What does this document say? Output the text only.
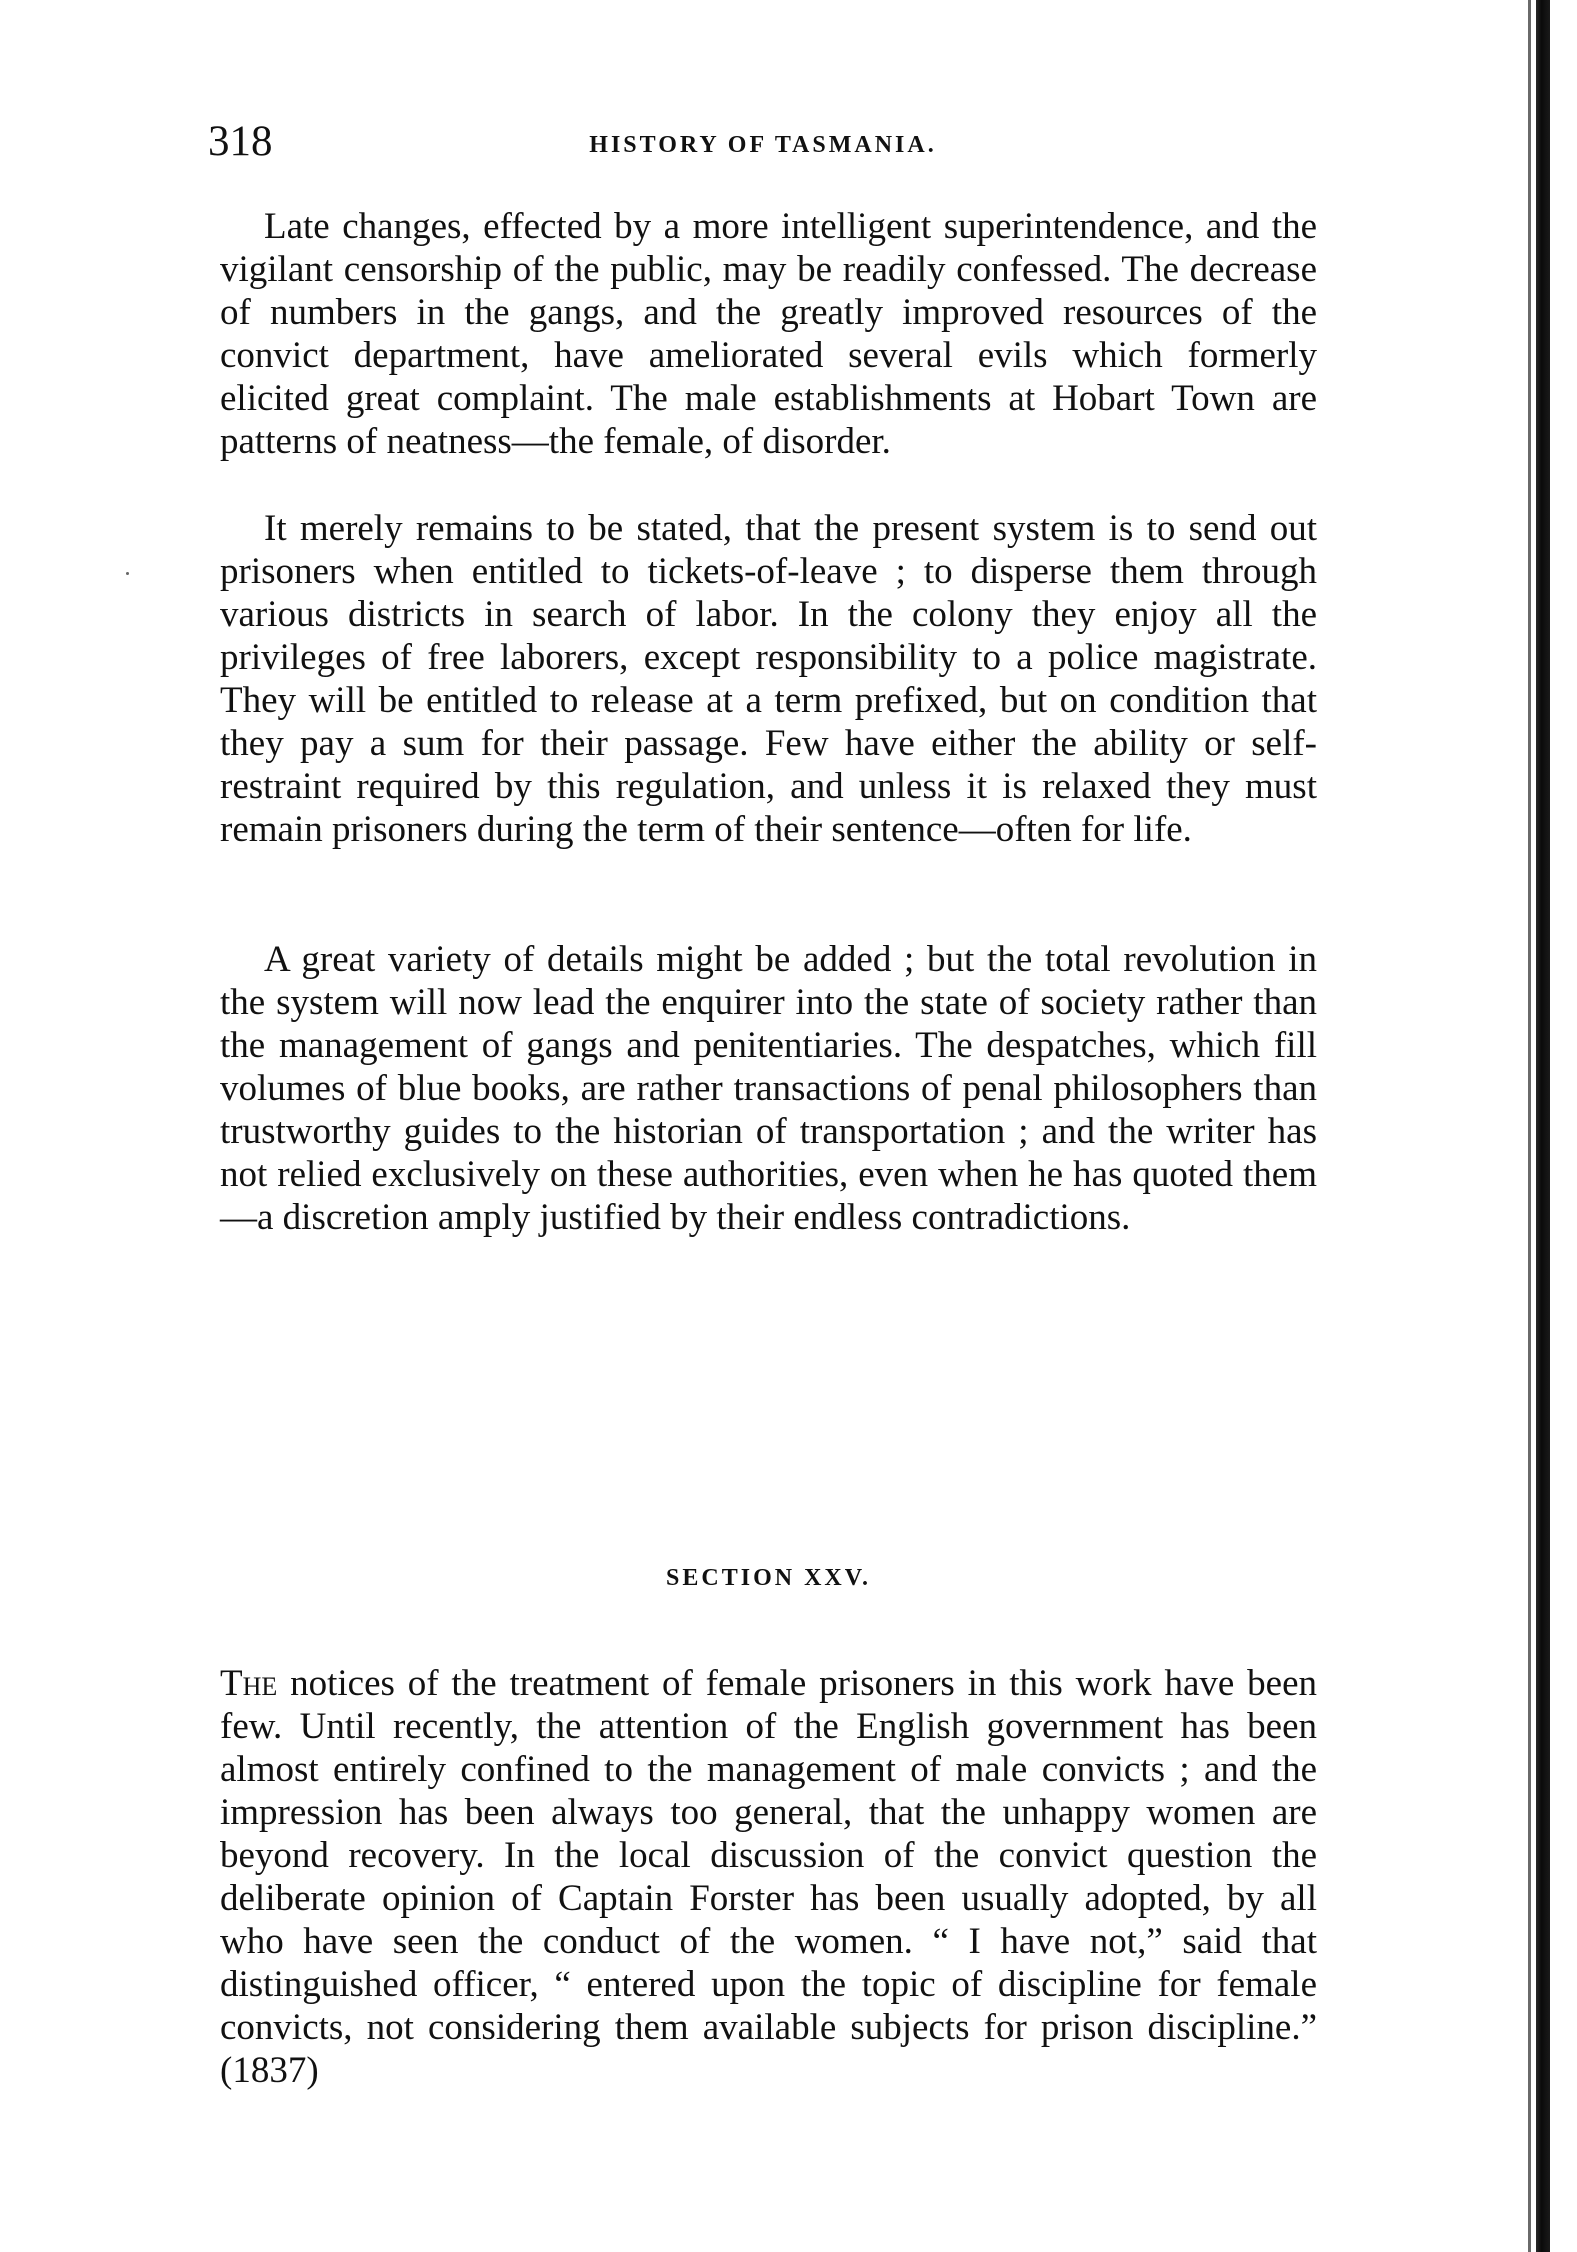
318	HISTORY OF TASMANIA.

Late changes, effected by a more intelligent superintendence, and the vigilant censorship of the public, may be readily confessed. The decrease of numbers in the gangs, and the greatly improved resources of the convict department, have ameliorated several evils which formerly elicited great complaint. The male establishments at Hobart Town are patterns of neatness—the female, of disorder.

It merely remains to be stated, that the present system is to send out prisoners when entitled to tickets-of-leave ; to disperse them through various districts in search of labor. In the colony they enjoy all the privileges of free laborers, except responsibility to a police magistrate. They will be entitled to release at a term prefixed, but on condition that they pay a sum for their passage. Few have either the ability or self-restraint required by this regulation, and unless it is relaxed they must remain prisoners during the term of their sentence—often for life.

A great variety of details might be added ; but the total revolution in the system will now lead the enquirer into the state of society rather than the management of gangs and penitentiaries. The despatches, which fill volumes of blue books, are rather transactions of penal philosophers than trustworthy guides to the historian of transportation ; and the writer has not relied exclusively on these authorities, even when he has quoted them—a discretion amply justified by their endless contradictions.

SECTION XXV.

The notices of the treatment of female prisoners in this work have been few. Until recently, the attention of the English government has been almost entirely confined to the management of male convicts ; and the impression has been always too general, that the unhappy women are beyond recovery. In the local discussion of the convict question the deliberate opinion of Captain Forster has been usually adopted, by all who have seen the conduct of the women. “ I have not,” said that distinguished officer, “ entered upon the topic of discipline for female convicts, not considering them available subjects for prison discipline.” (1837)
